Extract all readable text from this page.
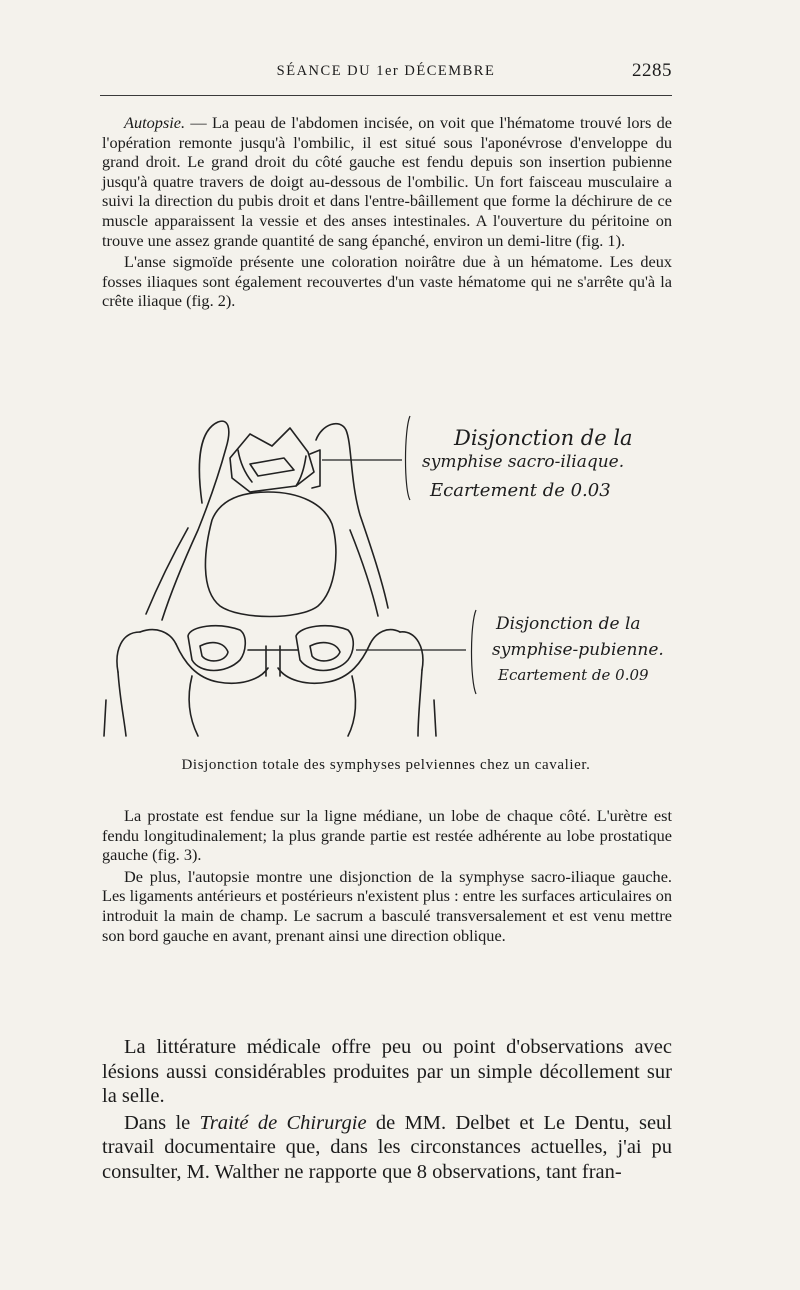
SÉANCE DU 1er DÉCEMBRE	2285

Autopsie. — La peau de l'abdomen incisée, on voit que l'hématome trouvé lors de l'opération remonte jusqu'à l'ombilic, il est situé sous l'aponévrose d'enveloppe du grand droit. Le grand droit du côté gauche est fendu depuis son insertion pubienne jusqu'à quatre travers de doigt au-dessous de l'ombilic. Un fort faisceau musculaire a suivi la direction du pubis droit et dans l'entre-bâillement que forme la déchirure de ce muscle apparaissent la vessie et des anses intestinales. A l'ouverture du péritoine on trouve une assez grande quantité de sang épanché, environ un demi-litre (fig. 1).

L'anse sigmoïde présente une coloration noirâtre due à un hématome. Les deux fosses iliaques sont également recouvertes d'un vaste hématome qui ne s'arrête qu'à la crête iliaque (fig. 2).

Disjonction de la
symphise sacro-iliaque.
Ecartement de 0.03
Disjonction de la
symphise-pubienne.
Ecartement de 0.09
Disjonction totale des symphyses pelviennes chez un cavalier.

La prostate est fendue sur la ligne médiane, un lobe de chaque côté. L'urètre est fendu longitudinalement; la plus grande partie est restée adhérente au lobe prostatique gauche (fig. 3).

De plus, l'autopsie montre une disjonction de la symphyse sacro-iliaque gauche. Les ligaments antérieurs et postérieurs n'existent plus : entre les surfaces articulaires on introduit la main de champ. Le sacrum a basculé transversalement et est venu mettre son bord gauche en avant, prenant ainsi une direction oblique.

La littérature médicale offre peu ou point d'observations avec lésions aussi considérables produites par un simple décollement sur la selle.

Dans le Traité de Chirurgie de MM. Delbet et Le Dentu, seul travail documentaire que, dans les circonstances actuelles, j'ai pu consulter, M. Walther ne rapporte que 8 observations, tant fran-
